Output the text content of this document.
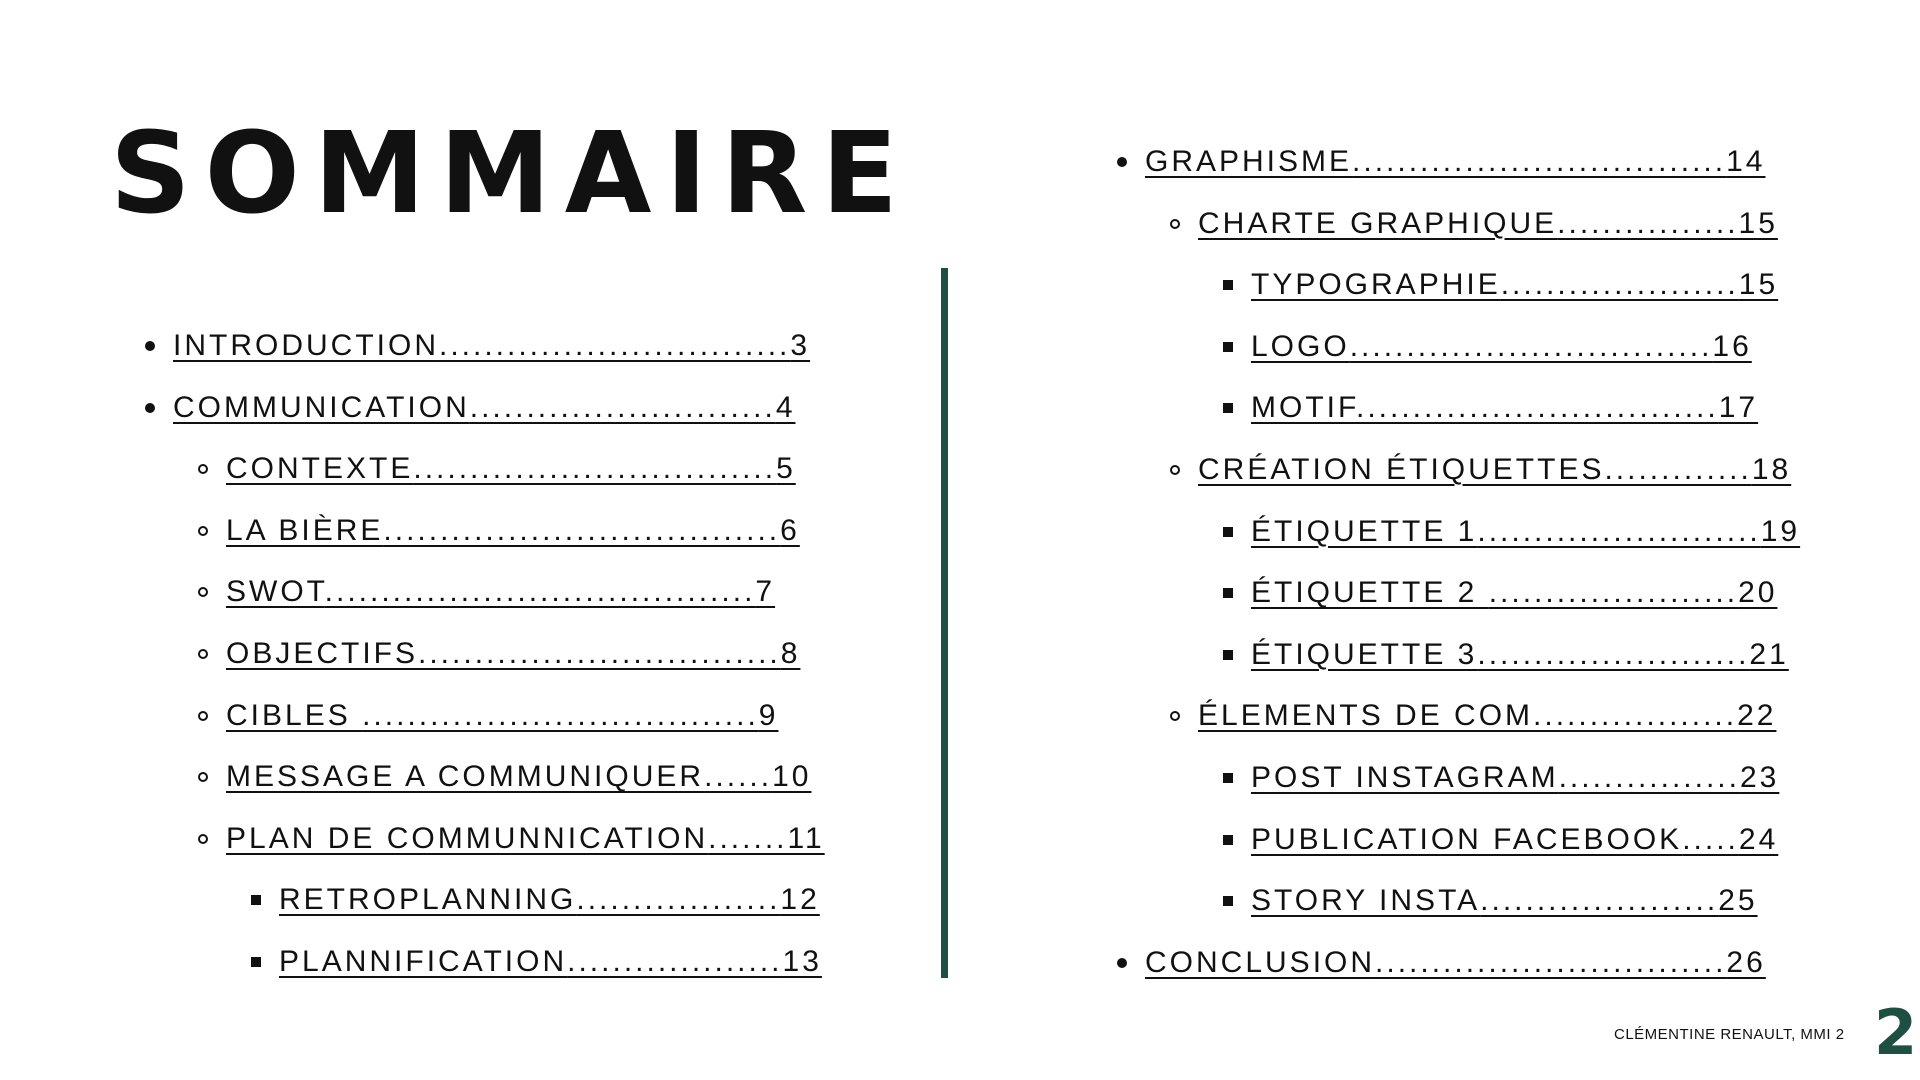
SOMMAIRE
INTRODUCTION...............................3
COMMUNICATION...........................4
CONTEXTE................................5
LA BIÈRE...................................6
SWOT......................................7
OBJECTIFS................................8
CIBLES ...................................9
MESSAGE A COMMUNIQUER......10
PLAN DE COMMUNNICATION.......11
RETROPLANNING..................12
PLANNIFICATION...................13
GRAPHISME.................................14
CHARTE GRAPHIQUE................15
TYPOGRAPHIE.....................15
LOGO................................16
MOTIF................................17
CRÉATION ÉTIQUETTES.............18
ÉTIQUETTE 1.........................19
ÉTIQUETTE 2 ......................20
ÉTIQUETTE 3........................21
ÉLEMENTS DE COM..................22
POST INSTAGRAM................23
PUBLICATION FACEBOOK.....24
STORY INSTA.....................25
CONCLUSION...............................26
CLÉMENTINE RENAULT, MMI 2 2
